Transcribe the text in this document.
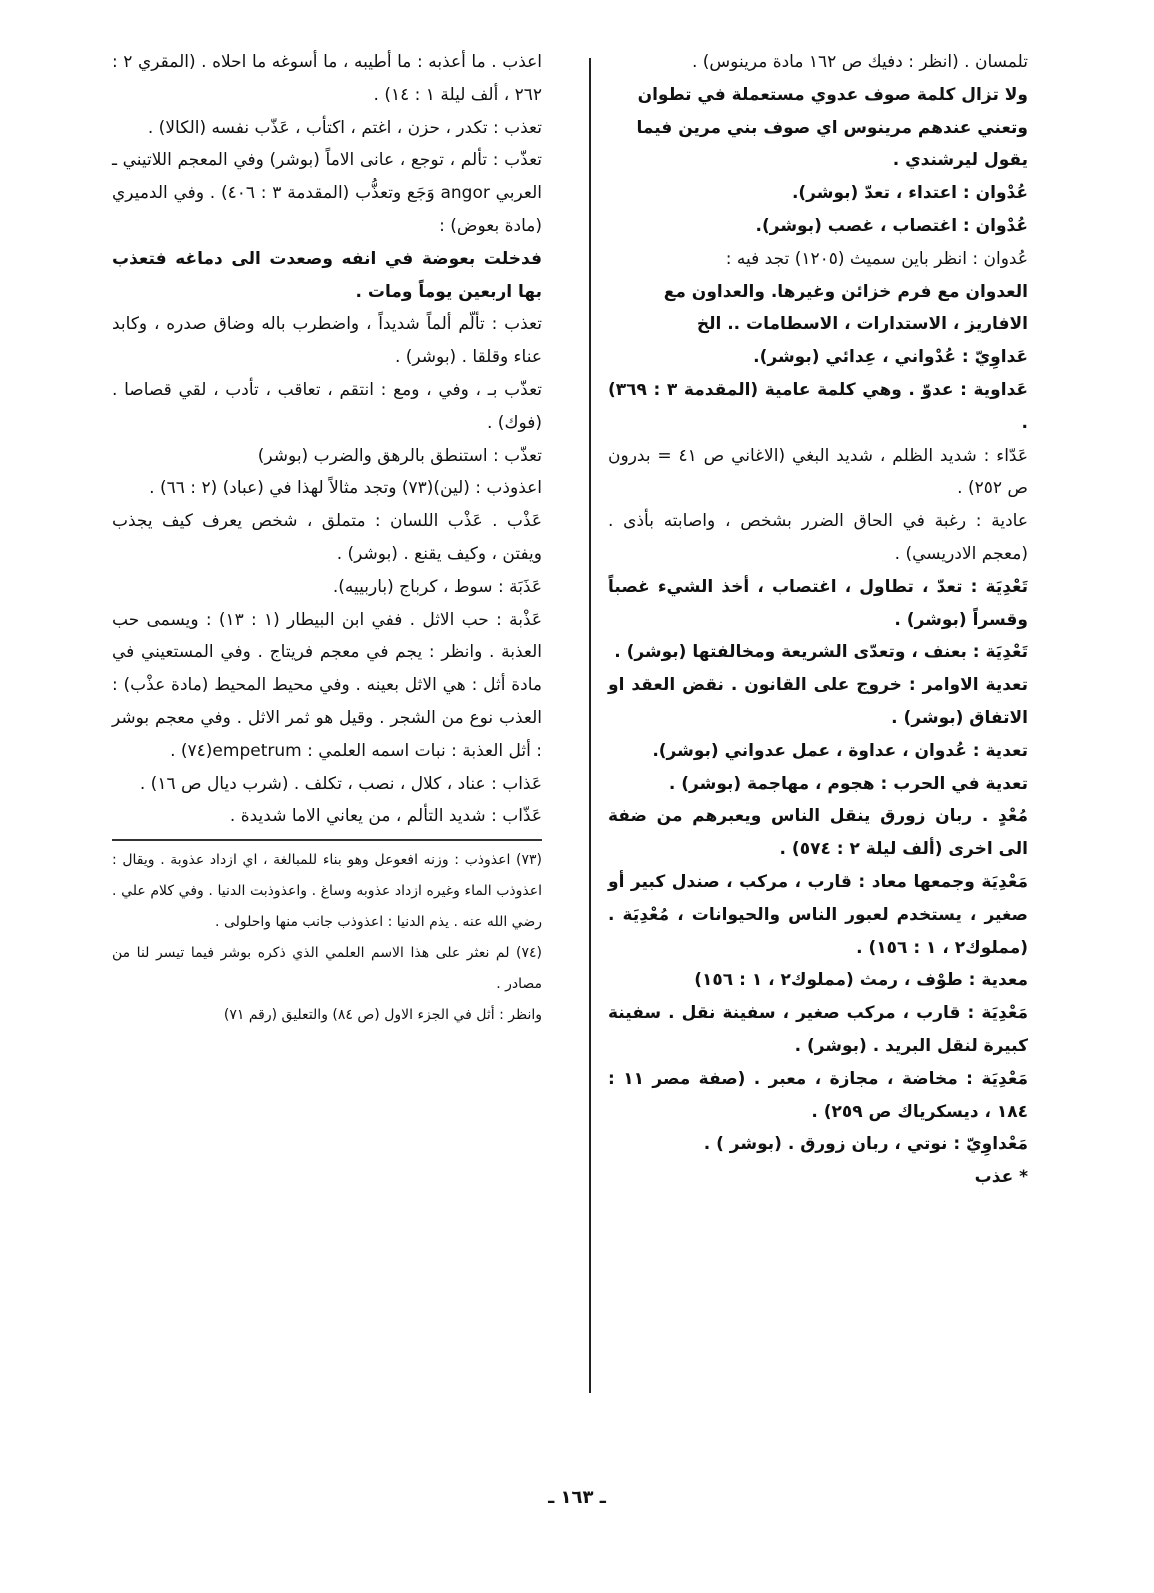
تلمسان . (انظر : دفيك ص ١٦٢ مادة مرينوس) .

ولا تزال كلمة صوف عدوي مستعملة في تطوان

وتعني عندهم مرينوس اي صوف بني مرين فيما

يقول ليرشندي .

عُدْوان : اعتداء ، تعدّ (بوشر).

عُدْوان : اغتصاب ، غصب (بوشر).

عُدوان : انظر باين سميث (١٢٠٥) تجد فيه :

العدوان مع فرم خزائن وغيرها. والعداون مع

الافاريز ، الاستدارات ، الاسطامات .. الخ

عَداوِيّ : عُدْواني ، عِدائي (بوشر).

عَداوية : عدوّ . وهي كلمة عامية (المقدمة ٣ : ٣٦٩) .

عَدّاء : شديد الظلم ، شديد البغي (الاغاني ص ٤١ = بدرون ص ٢٥٢) .

عادية : رغبة في الحاق الضرر بشخص ، واصابته بأذى . (معجم الادريسي) .

تَعْدِيَة : تعدّ ، تطاول ، اغتصاب ، أخذ الشيء غصباً وقسراً (بوشر) .

تَعْدِيَة : بعنف ، وتعدّى الشريعة ومخالفتها (بوشر) .

تعدية الاوامر : خروج على القانون . نقض العقد او الاتفاق (بوشر) .

تعدية : عُدوان ، عداوة ، عمل عدواني (بوشر).

تعدية في الحرب : هجوم ، مهاجمة (بوشر) .

مُعْدٍ . ربان زورق ينقل الناس ويعبرهم من ضفة الى اخرى (ألف ليلة ٢ : ٥٧٤) .

مَعْدِيَة وجمعها معاد : قارب ، مركب ، صندل كبير أو صغير ، يستخدم لعبور الناس والحيوانات ، مُعْدِيَة . (مملوك٢ ، ١ : ١٥٦) .

معدية : طوْف ، رمث (مملوك٢ ، ١ : ١٥٦)

مَعْدِيَة : قارب ، مركب صغير ، سفينة نقل . سفينة كبيرة لنقل البريد . (بوشر) .

مَعْدِيَة : مخاضة ، مجازة ، معبر . (صفة مصر ١١ : ١٨٤ ، ديسكرياك ص ٢٥٩) .

مَعْداوِيّ : نوتي ، ربان زورق . (بوشر ) .

* عذب

اعذب . ما أعذبه : ما أطيبه ، ما أسوغه ما احلاه . (المقري ٢ : ٢٦٢ ، ألف ليلة ١ : ١٤) .

تعذب : تكدر ، حزن ، اغتم ، اكتأب ، عَذّب نفسه (الكالا) .

تعذّب : تألم ، توجع ، عانى الاماً (بوشر) وفي المعجم اللاتيني ـ العربي angor وَجَع وتعذُّب (المقدمة ٣ : ٤٠٦) . وفي الدميري (مادة بعوض) :

فدخلت بعوضة في انفه وصعدت الى دماغه فتعذب بها اربعين يوماً ومات .

تعذب : تألّم ألماً شديداً ، واضطرب باله وضاق صدره ، وكابد عناء وقلقا . (بوشر) .

تعذّب بـ ، وفي ، ومع : انتقم ، تعاقب ، تأدب ، لقي قصاصا . (فوك) .

تعذّب : استنطق بالرهق والضرب (بوشر)

اعذوذب : (لين)(٧٣) وتجد مثالاً لهذا في (عباد) (٢ : ٦٦) .

عَذْب . عَذْب اللسان : متملق ، شخص يعرف كيف يجذب ويفتن ، وكيف يقنع . (بوشر) .

عَذَبَة : سوط ، كرباج (باربييه).

عَذْبة : حب الاثل . ففي ابن البيطار (١ : ١٣) : ويسمى حب العذبة . وانظر : يجم في معجم فريتاج . وفي المستعيني في مادة أثل : هي الاثل بعينه . وفي محيط المحيط (مادة عذْب) : العذب نوع من الشجر . وقيل هو ثمر الاثل . وفي معجم بوشر : أثل العذبة : نبات اسمه العلمي : empetrum(٧٤) .

عَذاب : عناد ، كلال ، نصب ، تكلف . (شرب ديال ص ١٦) .

عَذّاب : شديد التألم ، من يعاني الاما شديدة .

(٧٣) اعذوذب : وزنه افعوعل وهو بناء للمبالغة ، اي ازداد عذوبة . ويقال : اعذوذب الماء وغيره ازداد عذوبه وساغ . واعذوذبت الدنيا . وفي كلام علي . رضي الله عنه . يذم الدنيا : اعذوذب جانب منها واحلولى .

(٧٤) لم نعثر على هذا الاسم العلمي الذي ذكره بوشر فيما تيسر لنا من مصادر .

وانظر : أثل في الجزء الاول (ص ٨٤) والتعليق (رقم ٧١)

ـ ١٦٣ ـ
